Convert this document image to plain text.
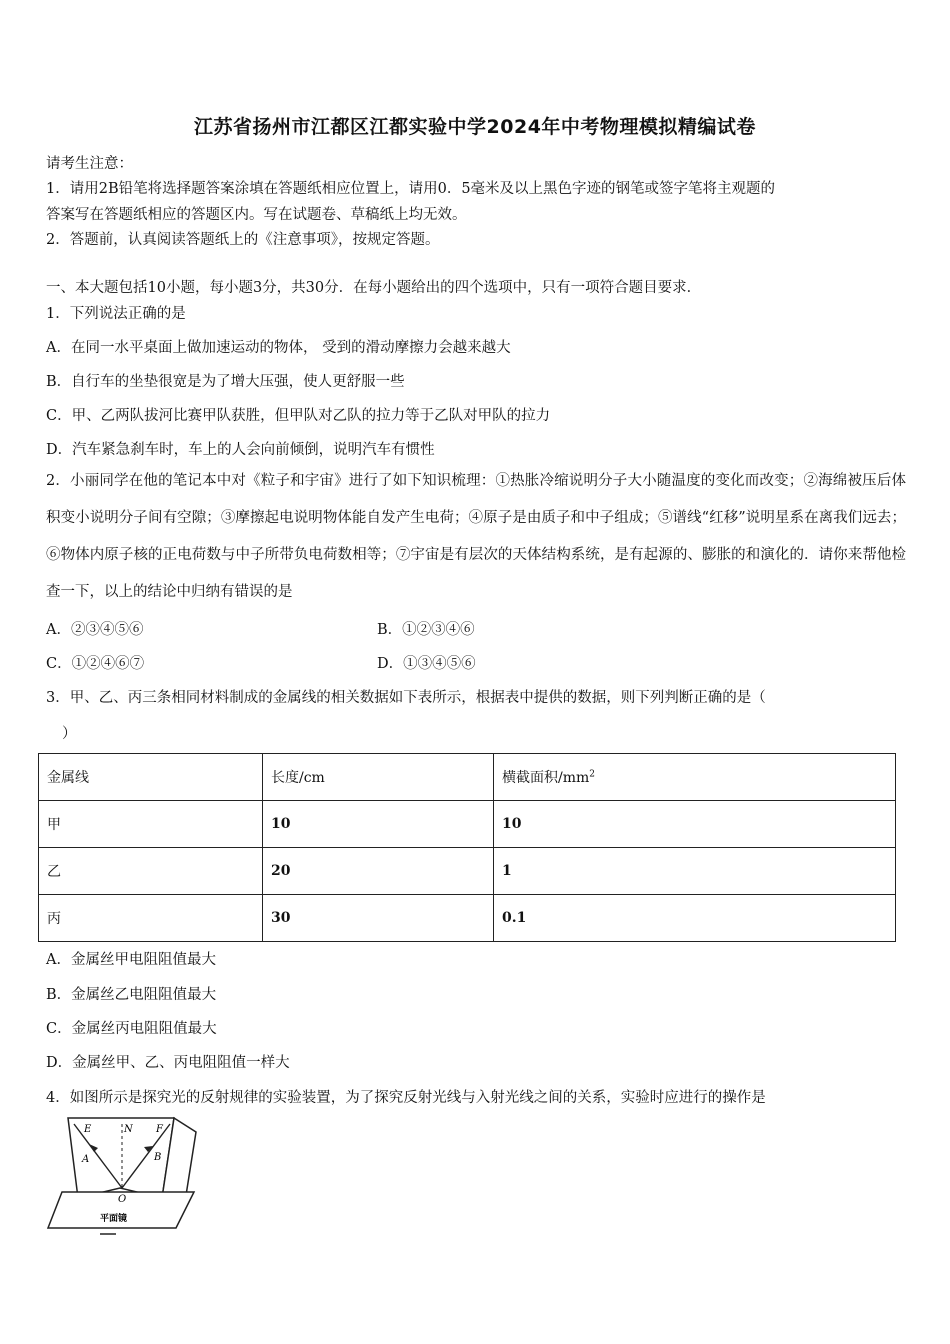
江苏省扬州市江都区江都实验中学2024年中考物理模拟精编试卷
请考生注意：
1．请用2B铅笔将选择题答案涂填在答题纸相应位置上，请用0．5毫米及以上黑色字迹的钢笔或签字笔将主观题的
答案写在答题纸相应的答题区内。写在试题卷、草稿纸上均无效。
2．答题前，认真阅读答题纸上的《注意事项》，按规定答题。
一、本大题包括10小题，每小题3分，共30分．在每小题给出的四个选项中，只有一项符合题目要求．
1．下列说法正确的是
A．在同一水平桌面上做加速运动的物体， 受到的滑动摩擦力会越来越大
B．自行车的坐垫很宽是为了增大压强，使人更舒服一些
C．甲、乙两队拔河比赛甲队获胜，但甲队对乙队的拉力等于乙队对甲队的拉力
D．汽车紧急刹车时，车上的人会向前倾倒，说明汽车有惯性
2．小丽同学在他的笔记本中对《粒子和宇宙》进行了如下知识梳理：①热胀冷缩说明分子大小随温度的变化而改变；②海绵被压后体积变小说明分子间有空隙；③摩擦起电说明物体能自发产生电荷；④原子是由质子和中子组成；⑤谱线“红移”说明星系在离我们远去；⑥物体内原子核的正电荷数与中子所带负电荷数相等；⑦宇宙是有层次的天体结构系统，是有起源的、膨胀的和演化的．请你来帮他检查一下，以上的结论中归纳有错误的是
A．②③④⑤⑥	B．①②③④⑥
C．①②④⑥⑦	D．①③④⑤⑥
3．甲、乙、丙三条相同材料制成的金属线的相关数据如下表所示，根据表中提供的数据，则下列判断正确的是（
）
金属线	长度/cm	横截面积$/mm^2$
甲	10	10
乙	20	1
丙	30	0.1
A．金属丝甲电阻阻值最大
B．金属丝乙电阻阻值最大
C．金属丝丙电阻阻值最大
D．金属丝甲、乙、丙电阻阻值一样大
4．如图所示是探究光的反射规律的实验装置，为了探究反射光线与入射光线之间的关系，实验时应进行的操作是
E	N F
A	B
O
平面镜
